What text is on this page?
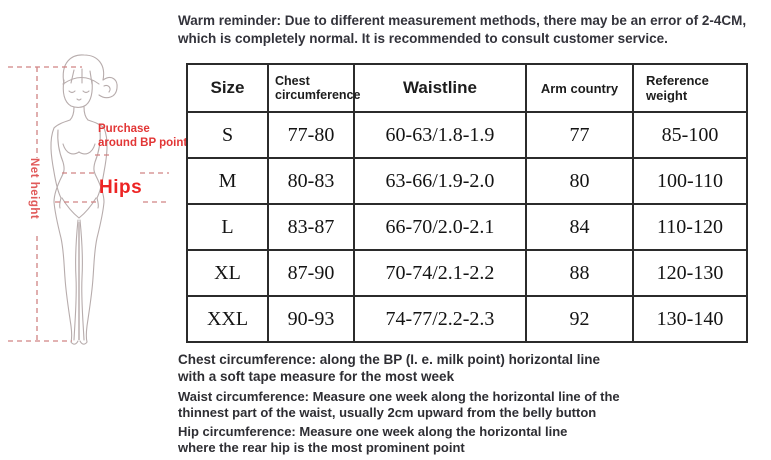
Purchase
around BP point
Hips
Net height
Warm reminder: Due to different measurement methods, there may be an error of 2-4CM,
which is completely normal. It is recommended to consult customer service.
Size	Chest circumference	Waistline	Arm country	Reference weight
S	77-80	60-63/1.8-1.9	77	85-100
M	80-83	63-66/1.9-2.0	80	100-110
L	83-87	66-70/2.0-2.1	84	110-120
XL	87-90	70-74/2.1-2.2	88	120-130
XXL	90-93	74-77/2.2-2.3	92	130-140
Chest circumference: along the BP (I. e. milk point) horizontal line
with a soft tape measure for the most week
Waist circumference: Measure one week along the horizontal line of the
thinnest part of the waist, usually 2cm upward from the belly button
Hip circumference: Measure one week along the horizontal line
where the rear hip is the most prominent point
